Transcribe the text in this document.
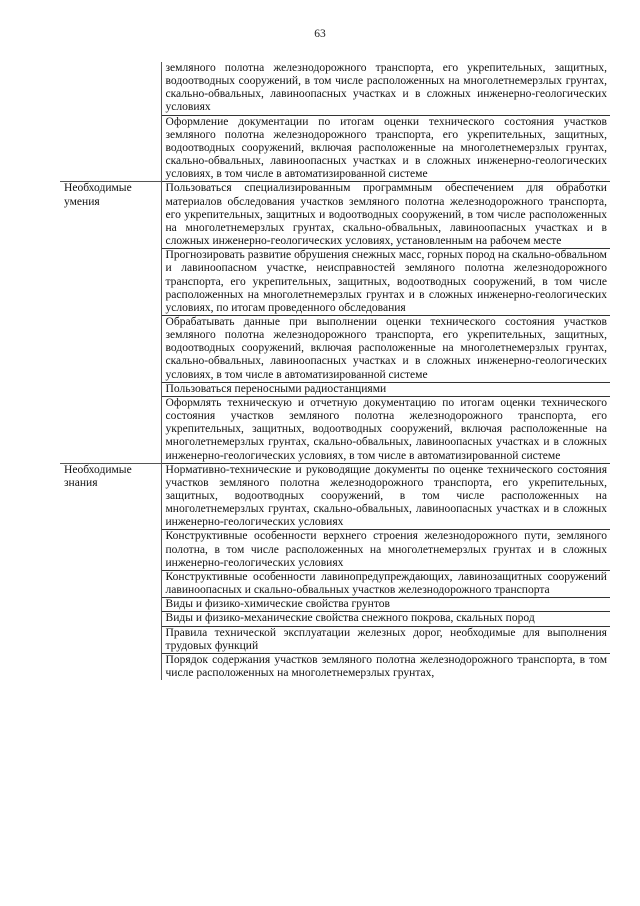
63
	земляного полотна железнодорожного транспорта, его укрепительных, защитных, водоотводных сооружений, в том числе расположенных на многолетнемерзлых грунтах, скально-обвальных, лавиноопасных участках и в сложных инженерно-геологических условиях
	Оформление документации по итогам оценки технического состояния участков земляного полотна железнодорожного транспорта, его укрепительных, защитных, водоотводных сооружений, включая расположенные на многолетнемерзлых грунтах, скально-обвальных, лавиноопасных участках и в сложных инженерно-геологических условиях, в том числе в автоматизированной системе
Необходимые умения	Пользоваться специализированным программным обеспечением для обработки материалов обследования участков земляного полотна железнодорожного транспорта, его укрепительных, защитных и водоотводных сооружений, в том числе расположенных на многолетнемерзлых грунтах, скально-обвальных, лавиноопасных участках и в сложных инженерно-геологических условиях, установленным на рабочем месте
	Прогнозировать развитие обрушения снежных масс, горных пород на скально-обвальном и лавиноопасном участке, неисправностей земляного полотна железнодорожного транспорта, его укрепительных, защитных, водоотводных сооружений, в том числе расположенных на многолетнемерзлых грунтах и в сложных инженерно-геологических условиях, по итогам проведенного обследования
	Обрабатывать данные при выполнении оценки технического состояния участков земляного полотна железнодорожного транспорта, его укрепительных, защитных, водоотводных сооружений, включая расположенные на многолетнемерзлых грунтах, скально-обвальных, лавиноопасных участках и в сложных инженерно-геологических условиях, в том числе в автоматизированной системе
	Пользоваться переносными радиостанциями
	Оформлять техническую и отчетную документацию по итогам оценки технического состояния участков земляного полотна железнодорожного транспорта, его укрепительных, защитных, водоотводных сооружений, включая расположенные на многолетнемерзлых грунтах, скально-обвальных, лавиноопасных участках и в сложных инженерно-геологических условиях, в том числе в автоматизированной системе
Необходимые знания	Нормативно-технические и руководящие документы по оценке технического состояния участков земляного полотна железнодорожного транспорта, его укрепительных, защитных, водоотводных сооружений, в том числе расположенных на многолетнемерзлых грунтах, скально-обвальных, лавиноопасных участках и в сложных инженерно-геологических условиях
	Конструктивные особенности верхнего строения железнодорожного пути, земляного полотна, в том числе расположенных на многолетнемерзлых грунтах и в сложных инженерно-геологических условиях
	Конструктивные особенности лавинопредупреждающих, лавинозащитных сооружений лавиноопасных и скально-обвальных участков железнодорожного транспорта
	Виды и физико-химические свойства грунтов
	Виды и физико-механические свойства снежного покрова, скальных пород
	Правила технической эксплуатации железных дорог, необходимые для выполнения трудовых функций
	Порядок содержания участков земляного полотна железнодорожного транспорта, в том числе расположенных на многолетнемерзлых грунтах,
